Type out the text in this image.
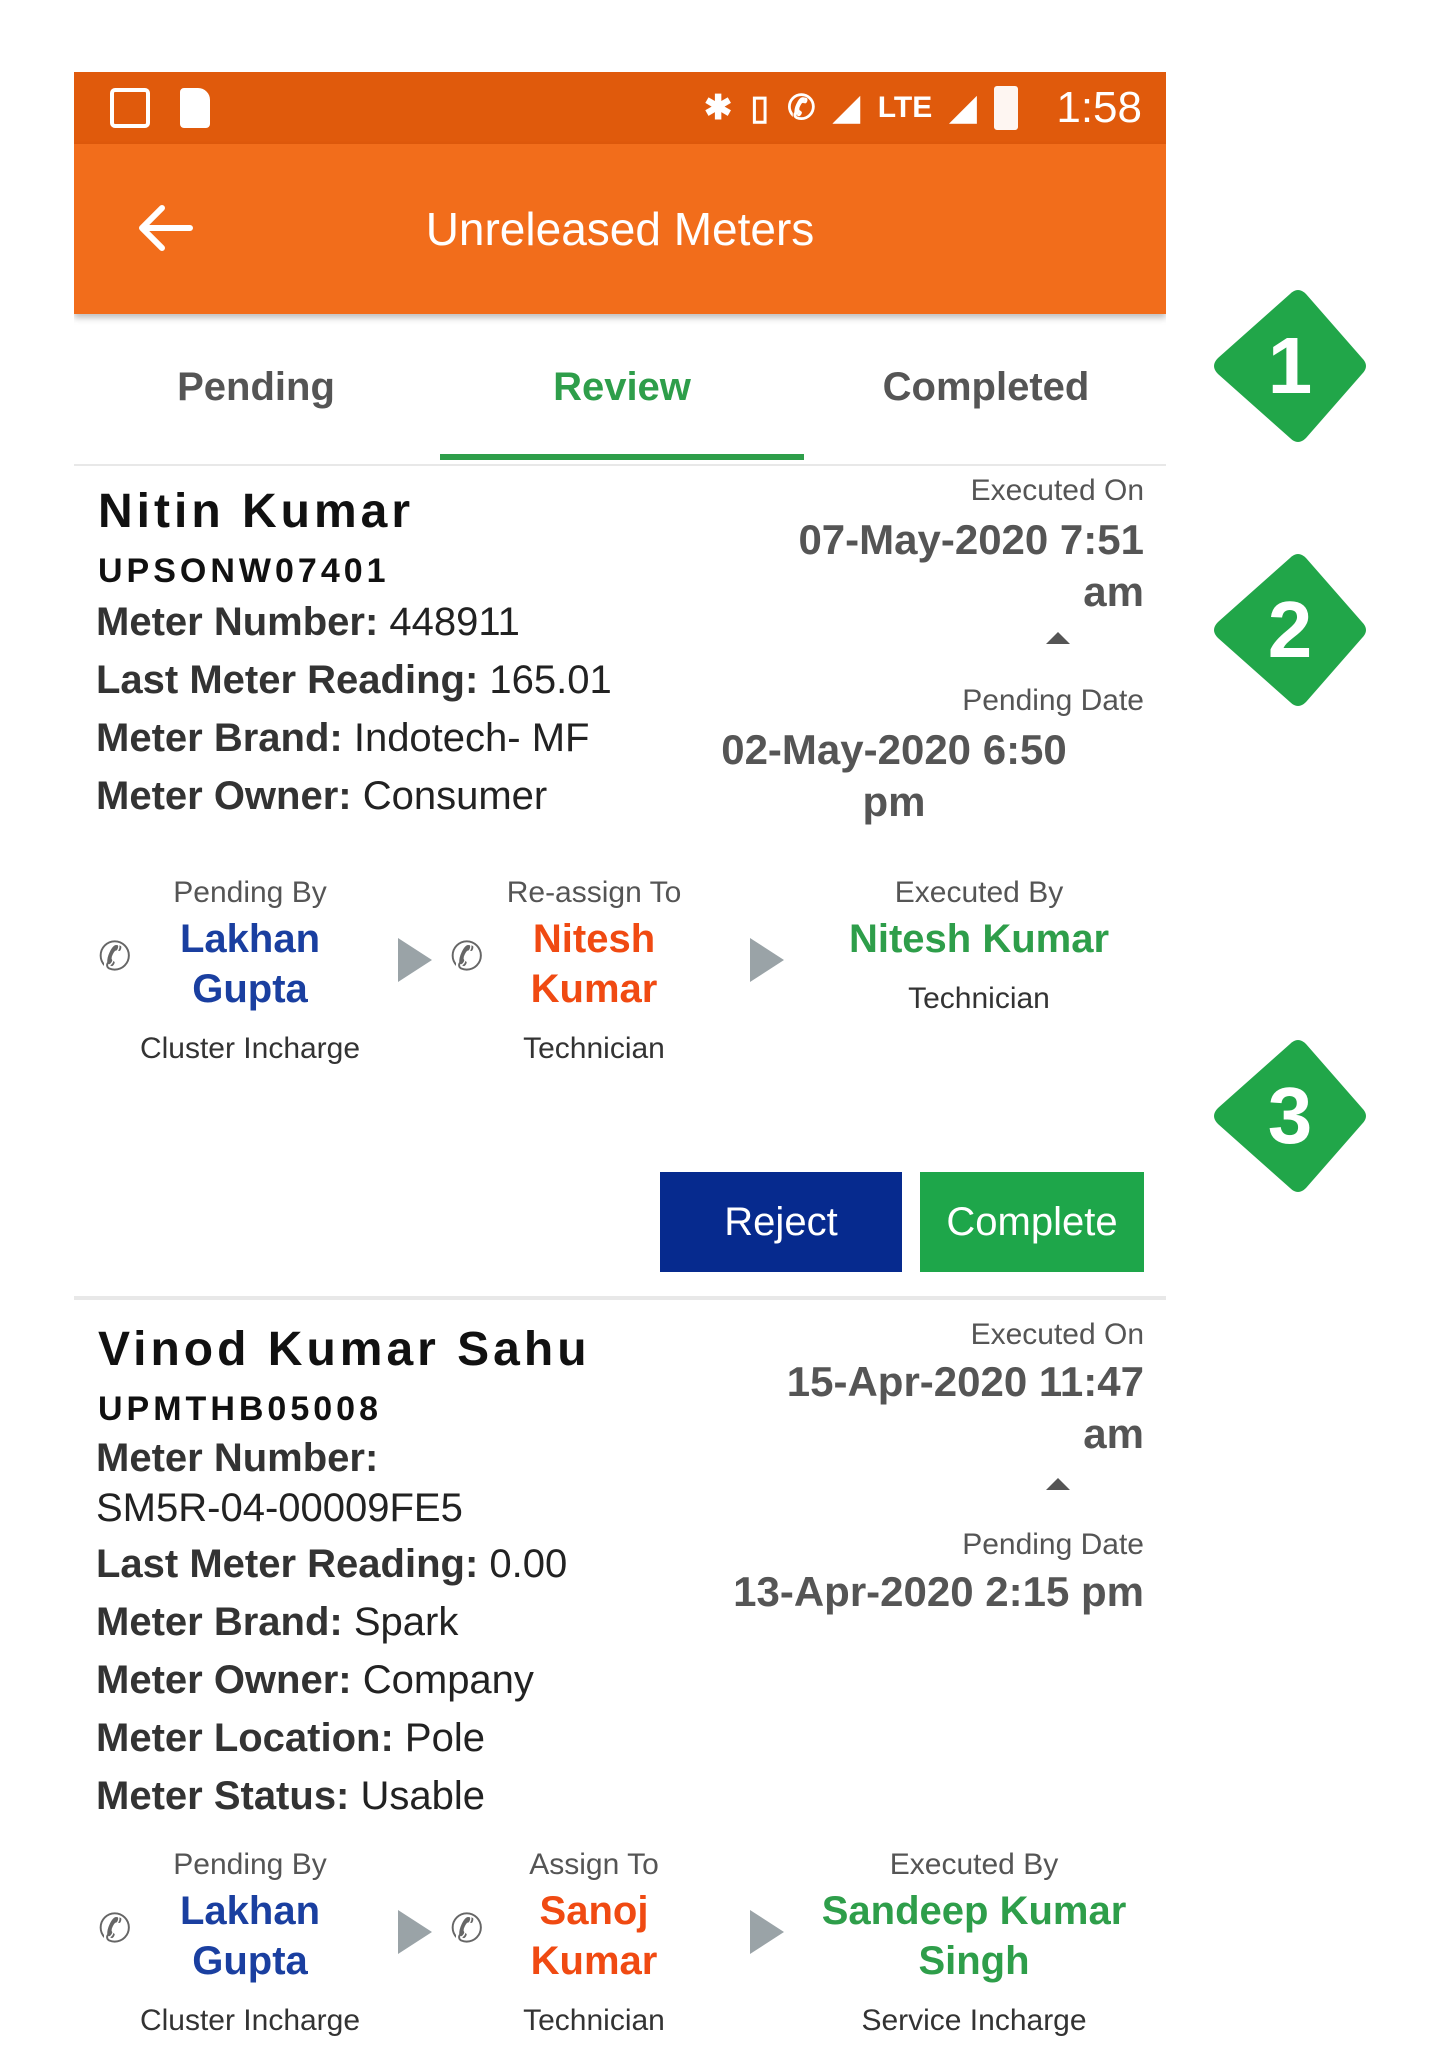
✱ ▯ ✆ ◢ LTE ◢ 1:58
Unreleased Meters
Pending	Review	Completed
Nitin Kumar
UPSONW07401
Meter Number: 448911
Last Meter Reading: 165.01
Meter Brand: Indotech- MF
Meter Owner: Consumer
Executed On
07-May-2020 7:51
am
Pending Date
02-May-2020 6:50
pm
✆
Pending By
Lakhan
Gupta
Cluster Incharge
✆
Re-assign To
Nitesh
Kumar
Technician
Executed By
Nitesh Kumar
Technician
Reject	Complete
Vinod Kumar Sahu
UPMTHB05008
Meter Number:
SM5R-04-00009FE5
Last Meter Reading: 0.00
Meter Brand: Spark
Meter Owner: Company
Meter Location: Pole
Meter Status: Usable
Executed On
15-Apr-2020 11:47
am
Pending Date
13-Apr-2020 2:15 pm
✆
Pending By
Lakhan
Gupta
Cluster Incharge
✆
Assign To
Sanoj
Kumar
Technician
Executed By
Sandeep Kumar
Singh
Service Incharge
1
2
3
